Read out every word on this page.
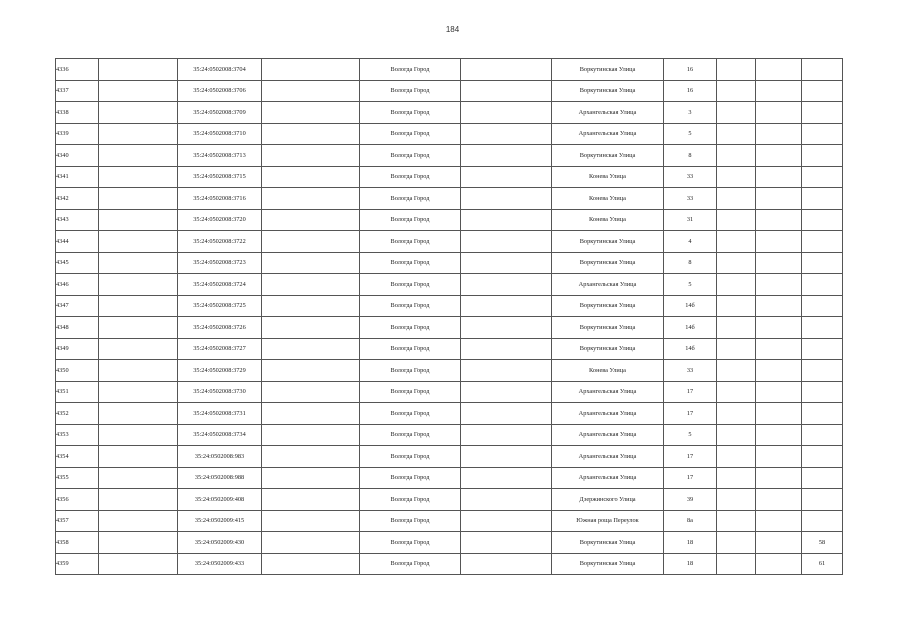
184
4336		35:24:0502008:3704		Вологда Город		Воркутинская Улица	16			
4337		35:24:0502008:3706		Вологда Город		Воркутинская Улица	16			
4338		35:24:0502008:3709		Вологда Город		Архангельская Улица	3			
4339		35:24:0502008:3710		Вологда Город		Архангельская Улица	5			
4340		35:24:0502008:3713		Вологда Город		Воркутинская Улица	8			
4341		35:24:0502008:3715		Вологда Город		Конева Улица	33			
4342		35:24:0502008:3716		Вологда Город		Конева Улица	33			
4343		35:24:0502008:3720		Вологда Город		Конева Улица	31			
4344		35:24:0502008:3722		Вологда Город		Воркутинская Улица	4			
4345		35:24:0502008:3723		Вологда Город		Воркутинская Улица	8			
4346		35:24:0502008:3724		Вологда Город		Архангельская Улица	5			
4347		35:24:0502008:3725		Вологда Город		Воркутинская Улица	14б			
4348		35:24:0502008:3726		Вологда Город		Воркутинская Улица	14б			
4349		35:24:0502008:3727		Вологда Город		Воркутинская Улица	14б			
4350		35:24:0502008:3729		Вологда Город		Конева Улица	33			
4351		35:24:0502008:3730		Вологда Город		Архангельская Улица	17			
4352		35:24:0502008:3731		Вологда Город		Архангельская Улица	17			
4353		35:24:0502008:3734		Вологда Город		Архангельская Улица	5			
4354		35:24:0502008:983		Вологда Город		Архангельская Улица	17			
4355		35:24:0502008:988		Вологда Город		Архангельская Улица	17			
4356		35:24:0502009:408		Вологда Город		Дзержинского Улица	39			
4357		35:24:0502009:415		Вологда Город		Южная роща Переулок	8а			
4358		35:24:0502009:430		Вологда Город		Воркутинская Улица	18			58
4359		35:24:0502009:433		Вологда Город		Воркутинская Улица	18			61
